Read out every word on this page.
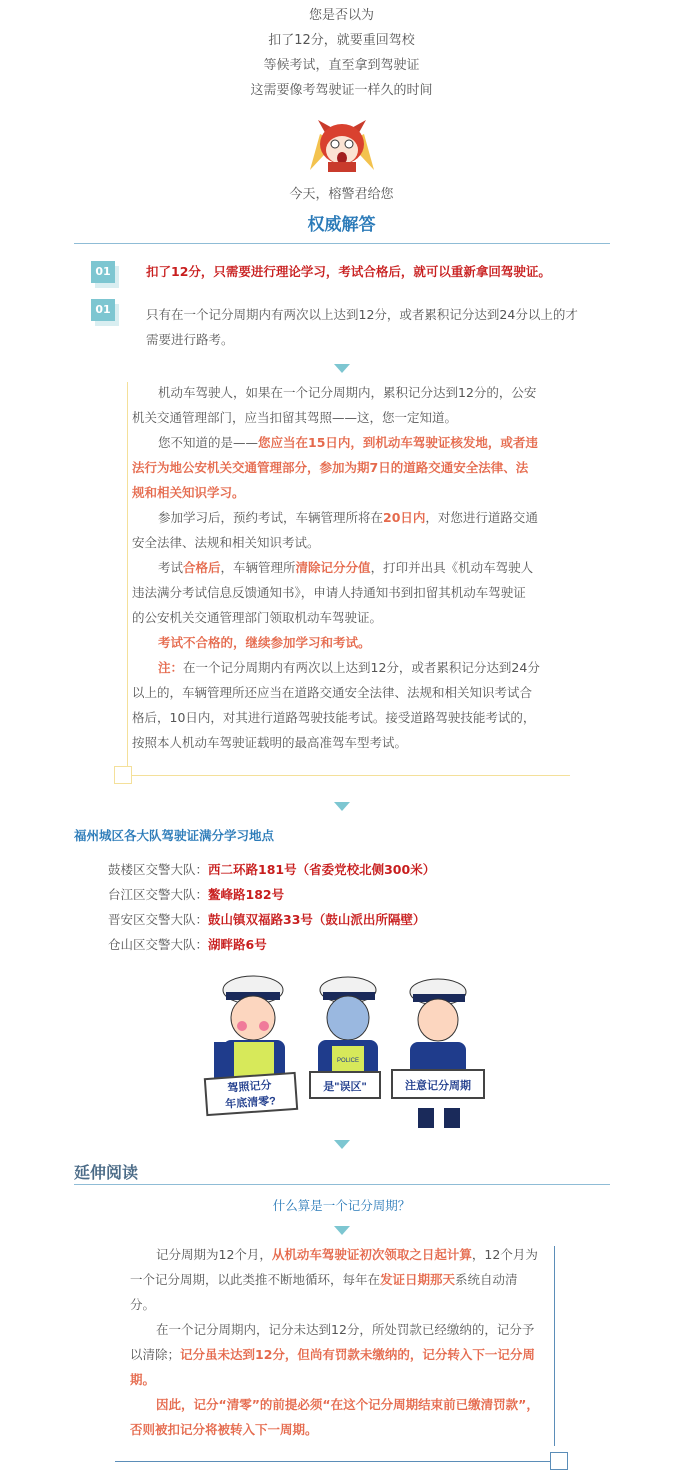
您是否以为
扣了12分，就要重回驾校
等候考试，直至拿到驾驶证
这需要像考驾驶证一样久的时间
今天，榕警君给您
权威解答
01	扣了12分，只需要进行理论学习，考试合格后，就可以重新拿回驾驶证。
01	只有在一个记分周期内有两次以上达到12分，或者累积记分达到24分以上的才
需要进行路考。
机动车驾驶人，如果在一个记分周期内，累积记分达到12分的，公安
机关交通管理部门，应当扣留其驾照——这，您一定知道。
您不知道的是——您应当在15日内，到机动车驾驶证核发地，或者违
法行为地公安机关交通管理部分，参加为期7日的道路交通安全法律、法
规和相关知识学习。
参加学习后，预约考试，车辆管理所将在20日内，对您进行道路交通
安全法律、法规和相关知识考试。
考试合格后，车辆管理所清除记分分值，打印并出具《机动车驾驶人
违法满分考试信息反馈通知书》，申请人持通知书到扣留其机动车驾驶证
的公安机关交通管理部门领取机动车驾驶证。
考试不合格的，继续参加学习和考试。
注：在一个记分周期内有两次以上达到12分，或者累积记分达到24分
以上的，车辆管理所还应当在道路交通安全法律、法规和相关知识考试合
格后，10日内，对其进行道路驾驶技能考试。接受道路驾驶技能考试的，
按照本人机动车驾驶证载明的最高准驾车型考试。
福州城区各大队驾驶证满分学习地点
鼓楼区交警大队：西二环路181号（省委党校北侧300米）
台江区交警大队：鳌峰路182号
晋安区交警大队：鼓山镇双福路33号（鼓山派出所隔壁）
仓山区交警大队：湖畔路6号
POLICE
驾照记分
年底清零?
是"误区"	注意记分周期
延伸阅读
什么算是一个记分周期？
记分周期为12个月，从机动车驾驶证初次领取之日起计算，12个月为
一个记分周期，以此类推不断地循环，每年在发证日期那天系统自动清
分。
在一个记分周期内，记分未达到12分，所处罚款已经缴纳的，记分予
以清除；记分虽未达到12分，但尚有罚款未缴纳的，记分转入下一记分周
期。
因此，记分“清零”的前提必须“在这个记分周期结束前已缴清罚款”，
否则被扣记分将被转入下一周期。
